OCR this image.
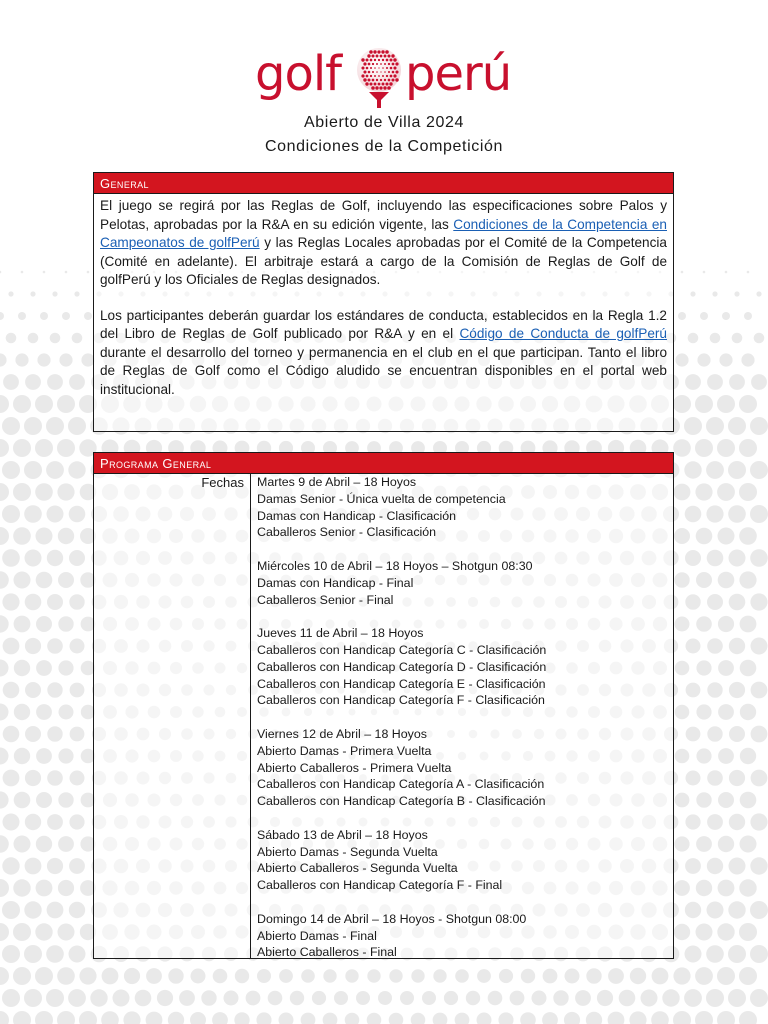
golf perú
Abierto de Villa 2024
Condiciones de la Competición
General

El juego se regirá por las Reglas de Golf, incluyendo las especificaciones sobre Palos y Pelotas, aprobadas por la R&A en su edición vigente, las Condiciones de la Competencia en Campeonatos de golfPerú y las Reglas Locales aprobadas por el Comité de la Competencia (Comité en adelante). El arbitraje estará a cargo de la Comisión de Reglas de Golf de golfPerú y los Oficiales de Reglas designados.

Los participantes deberán guardar los estándares de conducta, establecidos en la Regla 1.2 del Libro de Reglas de Golf publicado por R&A y en el Código de Conducta de golfPerú durante el desarrollo del torneo y permanencia en el club en el que participan. Tanto el libro de Reglas de Golf como el Código aludido se encuentran disponibles en el portal web institucional.

Programa General
Fechas	Martes 9 de Abril – 18 Hoyos
Damas Senior - Única vuelta de competencia
Damas con Handicap - Clasificación
Caballeros Senior - Clasificación
Miércoles 10 de Abril – 18 Hoyos – Shotgun 08:30
Damas con Handicap - Final
Caballeros Senior - Final
Jueves 11 de Abril – 18 Hoyos
Caballeros con Handicap Categoría C - Clasificación
Caballeros con Handicap Categoría D - Clasificación
Caballeros con Handicap Categoría E - Clasificación
Caballeros con Handicap Categoría F - Clasificación
Viernes 12 de Abril – 18 Hoyos
Abierto Damas - Primera Vuelta
Abierto Caballeros - Primera Vuelta
Caballeros con Handicap Categoría A - Clasificación
Caballeros con Handicap Categoría B - Clasificación
Sábado 13 de Abril – 18 Hoyos
Abierto Damas - Segunda Vuelta
Abierto Caballeros - Segunda Vuelta
Caballeros con Handicap Categoría F - Final
Domingo 14 de Abril – 18 Hoyos - Shotgun 08:00
Abierto Damas - Final
Abierto Caballeros - Final
